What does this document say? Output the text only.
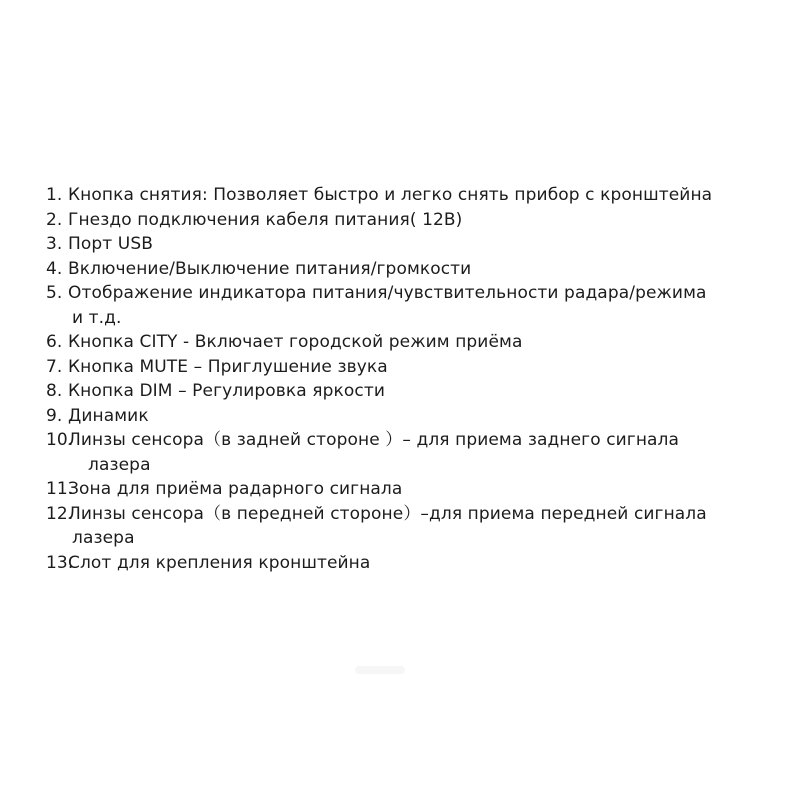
1. Кнопка снятия: Позволяет быстро и легко снять прибор с кронштейна
2. Гнездо подключения кабеля питания( 12В)
3. Порт USB
4. Включение/Выключение питания/громкости
5. Отображение индикатора питания/чувствительности радара/режима
и т.д.
6. Кнопка CITY - Включает городской режим приёма
7. Кнопка MUTE – Приглушение звука
8. Кнопка DIM – Регулировка яркости
9. Динамик
10.
Линзы сенсора（в задней стороне ）– для приема заднего сигнала
лазера
11.
Зона для приёма радарного сигнала
12.
Линзы сенсора（в передней стороне）–для приема передней сигнала
лазера
13.
Слот для крепления кронштейна
